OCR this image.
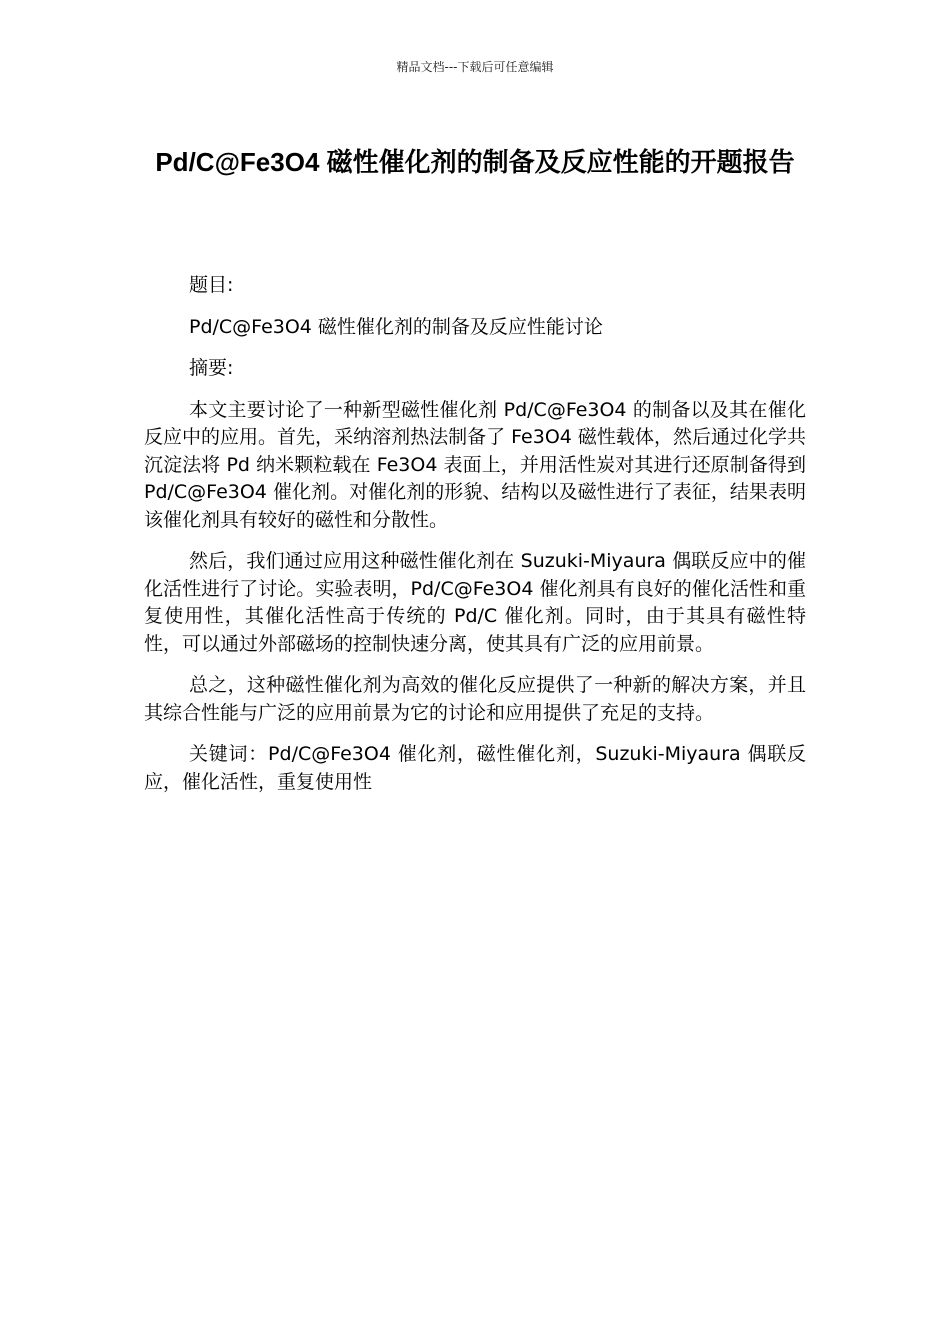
精品文档---下载后可任意编辑
Pd/C@Fe3O4 磁性催化剂的制备及反应性能的开题报告

题目:

Pd/C@Fe3O4 磁性催化剂的制备及反应性能讨论

摘要:

本文主要讨论了一种新型磁性催化剂 Pd/C@Fe3O4 的制备以及其在催化反应中的应用。首先，采纳溶剂热法制备了 Fe3O4 磁性载体，然后通过化学共沉淀法将 Pd 纳米颗粒载在 Fe3O4 表面上，并用活性炭对其进行还原制备得到 Pd/C@Fe3O4 催化剂。对催化剂的形貌、结构以及磁性进行了表征，结果表明该催化剂具有较好的磁性和分散性。

然后，我们通过应用这种磁性催化剂在 Suzuki-Miyaura 偶联反应中的催化活性进行了讨论。实验表明，Pd/C@Fe3O4 催化剂具有良好的催化活性和重复使用性，其催化活性高于传统的 Pd/C 催化剂。同时，由于其具有磁性特性，可以通过外部磁场的控制快速分离，使其具有广泛的应用前景。

总之，这种磁性催化剂为高效的催化反应提供了一种新的解决方案，并且其综合性能与广泛的应用前景为它的讨论和应用提供了充足的支持。

关键词：Pd/C@Fe3O4 催化剂，磁性催化剂，Suzuki-Miyaura 偶联反应，催化活性，重复使用性
